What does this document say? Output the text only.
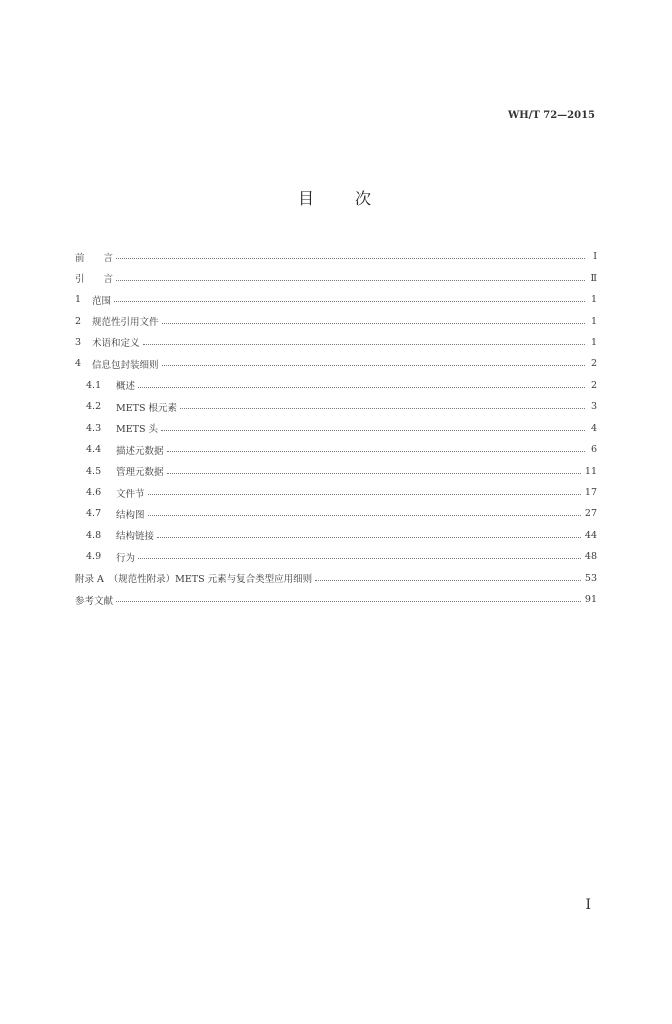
WH/T 72—2015
目　　次
前　　言	Ⅰ
引　　言	Ⅱ
1	范围	1
2	规范性引用文件	1
3	术语和定义	1
4	信息包封装细则	2
4.1	概述	2
4.2	METS 根元素	3
4.3	METS 头	4
4.4	描述元数据	6
4.5	管理元数据	11
4.6	文件节	17
4.7	结构图	27
4.8	结构链接	44
4.9	行为	48
附录 A　（规范性附录）METS 元素与复合类型应用细则	53
参考文献	91
I
